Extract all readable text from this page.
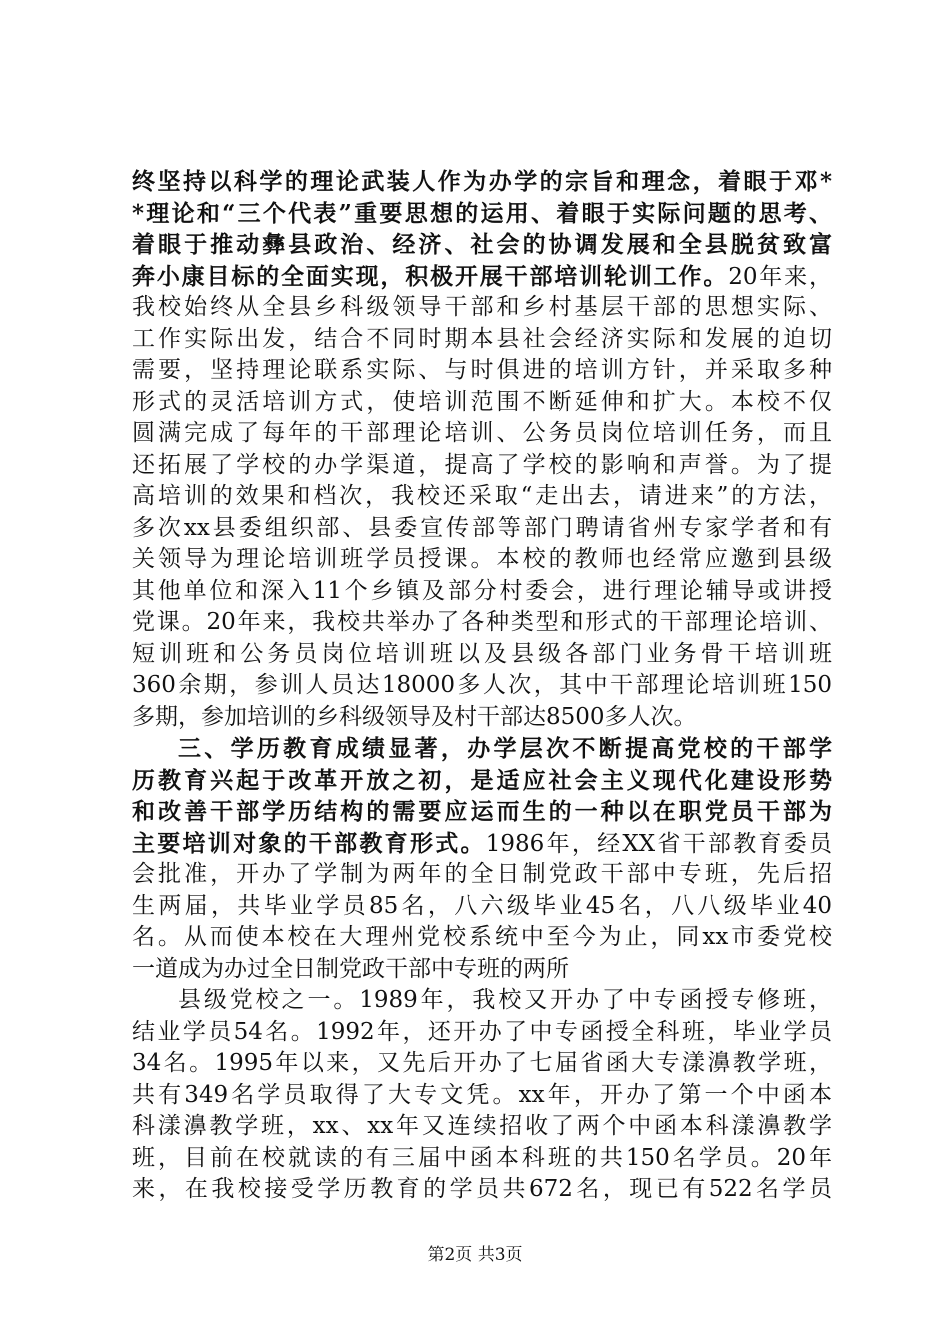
终坚持以科学的理论武装人作为办学的宗旨和理念，着眼于邓*
*理论和“三个代表”重要思想的运用、着眼于实际问题的思考、
着眼于推动彝县政治、经济、社会的协调发展和全县脱贫致富
奔小康目标的全面实现，积极开展干部培训轮训工作。20年来，
我校始终从全县乡科级领导干部和乡村基层干部的思想实际、
工作实际出发，结合不同时期本县社会经济实际和发展的迫切
需要，坚持理论联系实际、与时俱进的培训方针，并采取多种
形式的灵活培训方式，使培训范围不断延伸和扩大。本校不仅
圆满完成了每年的干部理论培训、公务员岗位培训任务，而且
还拓展了学校的办学渠道，提高了学校的影响和声誉。为了提
高培训的效果和档次，我校还采取“走出去，请进来”的方法，
多次xx县委组织部、县委宣传部等部门聘请省州专家学者和有
关领导为理论培训班学员授课。本校的教师也经常应邀到县级
其他单位和深入11个乡镇及部分村委会，进行理论辅导或讲授
党课。20年来，我校共举办了各种类型和形式的干部理论培训、
短训班和公务员岗位培训班以及县级各部门业务骨干培训班
360余期，参训人员达18000多人次，其中干部理论培训班150
多期，参加培训的乡科级领导及村干部达8500多人次。
三、学历教育成绩显著，办学层次不断提高党校的干部学
历教育兴起于改革开放之初，是适应社会主义现代化建设形势
和改善干部学历结构的需要应运而生的一种以在职党员干部为
主要培训对象的干部教育形式。1986年，经XX省干部教育委员
会批准，开办了学制为两年的全日制党政干部中专班，先后招
生两届，共毕业学员85名，八六级毕业45名，八八级毕业40
名。从而使本校在大理州党校系统中至今为止，同xx市委党校
一道成为办过全日制党政干部中专班的两所
县级党校之一。1989年，我校又开办了中专函授专修班，
结业学员54名。1992年，还开办了中专函授全科班，毕业学员
34名。1995年以来，又先后开办了七届省函大专漾濞教学班，
共有349名学员取得了大专文凭。xx年，开办了第一个中函本
科漾濞教学班，xx、xx年又连续招收了两个中函本科漾濞教学
班，目前在校就读的有三届中函本科班的共150名学员。20年
来，在我校接受学历教育的学员共672名，现已有522名学员
第2页 共3页
